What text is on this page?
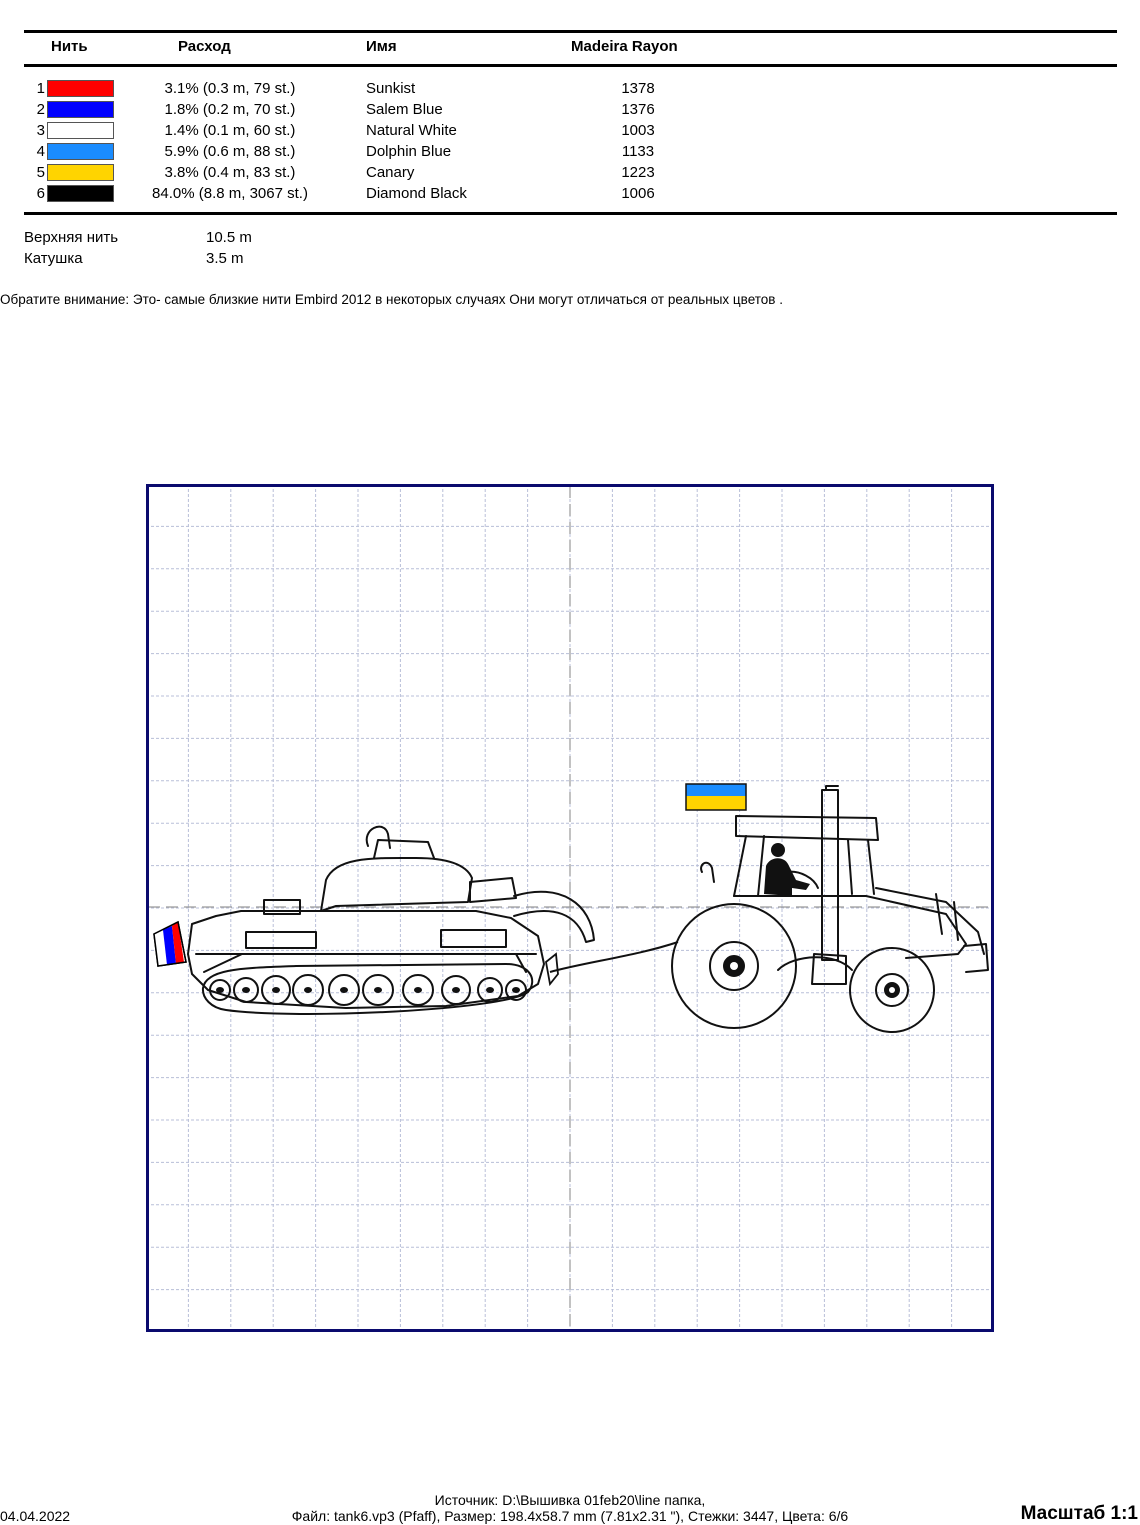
Нить	Расход	Имя	Madeira Rayon
1	3.1% (0.3 m, 79 st.)	Sunkist	1378
2	1.8% (0.2 m, 70 st.)	Salem Blue	1376
3	1.4% (0.1 m, 60 st.)	Natural White	1003
4	5.9% (0.6 m, 88 st.)	Dolphin Blue	1133
5	3.8% (0.4 m, 83 st.)	Canary	1223
6	84.0% (8.8 m, 3067 st.)	Diamond Black	1006
Верхняя нить	10.5 m
Катушка	3.5 m
Обратите внимание: Это- самые близкие нити Embird 2012 в некоторых случаях Они могут отличаться от реальных цветов .
04.04.2022
Источник: D:\Вышивка 01feb20\line папка,
Файл: tank6.vp3 (Pfaff), Размер: 198.4x58.7 mm (7.81x2.31 "), Стежки: 3447, Цвета: 6/6	Масштаб 1:1
